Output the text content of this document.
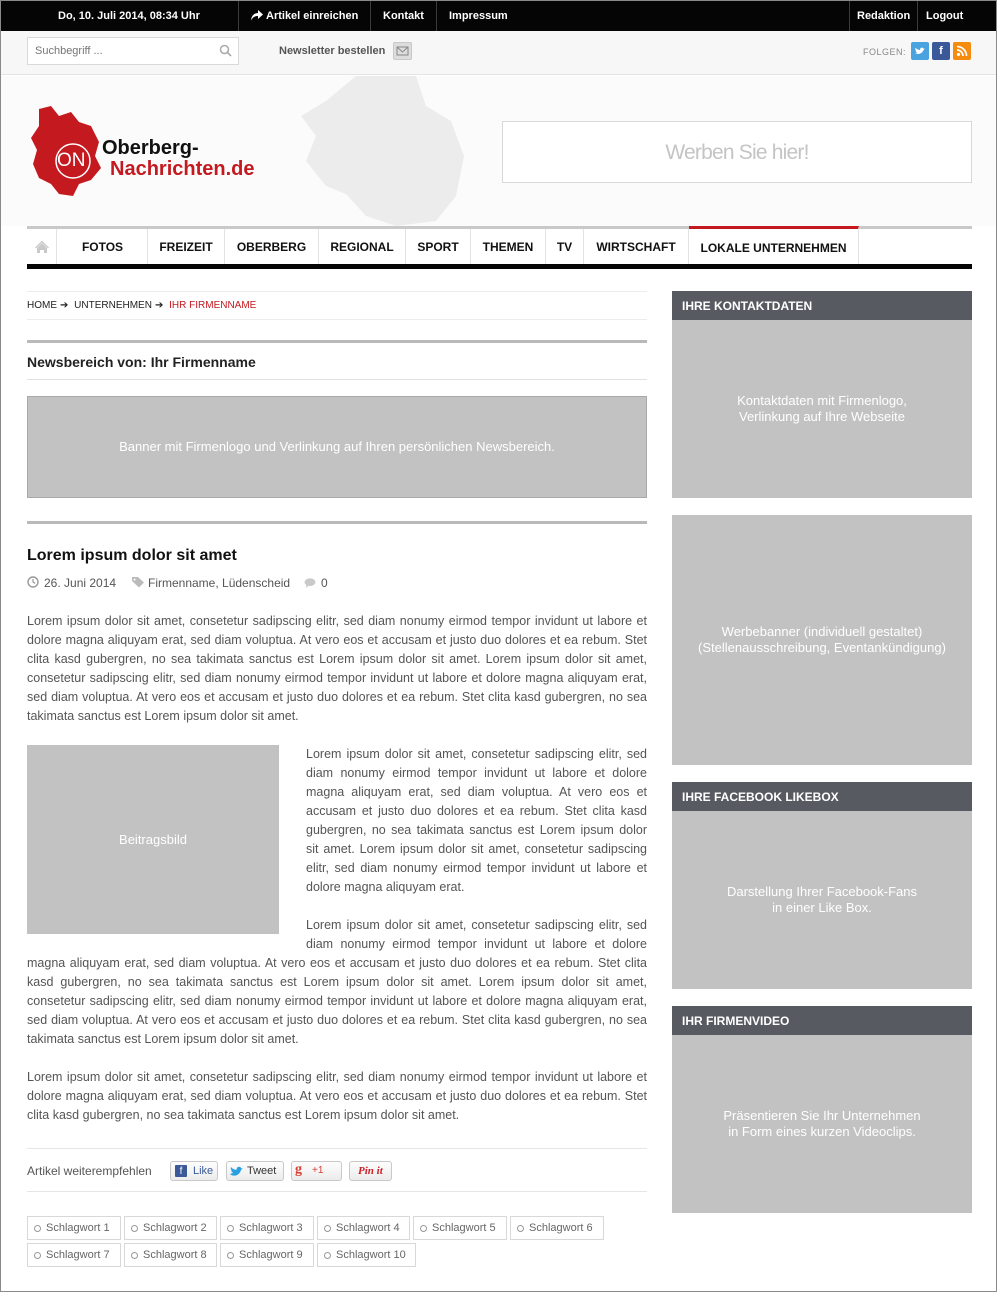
Do, 10. Juli 2014, 08:34 Uhr	Artikel einreichen Kontakt Impressum	Redaktion Logout
Suchbegriff ...
Newsletter bestellen	FOLGEN:	f
ON
Oberberg-
Nachrichten.de
Werben Sie hier!
FOTOS	FREIZEIT	OBERBERG	REGIONAL	SPORT	THEMEN	TV	WIRTSCHAFT	LOKALE UNTERNEHMEN
HOME ➔ UNTERNEHMEN ➔ IHR FIRMENNAME
Newsbereich von: Ihr Firmenname
Banner mit Firmenlogo und Verlinkung auf Ihren persönlichen Newsbereich.
Lorem ipsum dolor sit amet
26. Juni 2014	Firmenname, Lüdenscheid	0

Lorem ipsum dolor sit amet, consetetur sadipscing elitr, sed diam nonumy eirmod tempor invidunt ut labore et dolore magna aliquyam erat, sed diam voluptua. At vero eos et accusam et justo duo dolores et ea rebum. Stet clita kasd gubergren, no sea takimata sanctus est Lorem ipsum dolor sit amet. Lorem ipsum dolor sit amet, consetetur sadipscing elitr, sed diam nonumy eirmod tempor invidunt ut labore et dolore magna aliquyam erat, sed diam voluptua. At vero eos et accusam et justo duo dolores et ea rebum. Stet clita kasd gubergren, no sea takimata sanctus est Lorem ipsum dolor sit amet.

Beitragsbild

Lorem ipsum dolor sit amet, consetetur sadipscing elitr, sed diam nonumy eirmod tempor invidunt ut labore et dolore magna aliquyam erat, sed diam voluptua. At vero eos et accusam et justo duo dolores et ea rebum. Stet clita kasd gubergren, no sea takimata sanctus est Lorem ipsum dolor sit amet. Lorem ipsum dolor sit amet, consetetur sadipscing elitr, sed diam nonumy eirmod tempor invidunt ut labore et dolore magna aliquyam erat.

Lorem ipsum dolor sit amet, consetetur sadipscing elitr, sed diam nonumy eirmod tempor invidunt ut labore et dolore magna aliquyam erat, sed diam voluptua. At vero eos et accusam et justo duo dolores et ea rebum. Stet clita kasd gubergren, no sea takimata sanctus est Lorem ipsum dolor sit amet. Lorem ipsum dolor sit amet, consetetur sadipscing elitr, sed diam nonumy eirmod tempor invidunt ut labore et dolore magna aliquyam erat, sed diam voluptua. At vero eos et accusam et justo duo dolores et ea rebum. Stet clita kasd gubergren, no sea takimata sanctus est Lorem ipsum dolor sit amet.

Lorem ipsum dolor sit amet, consetetur sadipscing elitr, sed diam nonumy eirmod tempor invidunt ut labore et dolore magna aliquyam erat, sed diam voluptua. At vero eos et accusam et justo duo dolores et ea rebum. Stet clita kasd gubergren, no sea takimata sanctus est Lorem ipsum dolor sit amet.

Artikel weiterempfehlen	f Like	Tweet g +1	Pin it
Schlagwort 1	Schlagwort 2	Schlagwort 3	Schlagwort 4	Schlagwort 5	Schlagwort 6
Schlagwort 7	Schlagwort 8	Schlagwort 9	Schlagwort 10
IHRE KONTAKTDATEN
Kontaktdaten mit Firmenlogo,
Verlinkung auf Ihre Webseite
Werbebanner (individuell gestaltet)
(Stellenausschreibung, Eventankündigung)
IHRE FACEBOOK LIKEBOX
Darstellung Ihrer Facebook-Fans
in einer Like Box.
IHR FIRMENVIDEO
Präsentieren Sie Ihr Unternehmen
in Form eines kurzen Videoclips.
